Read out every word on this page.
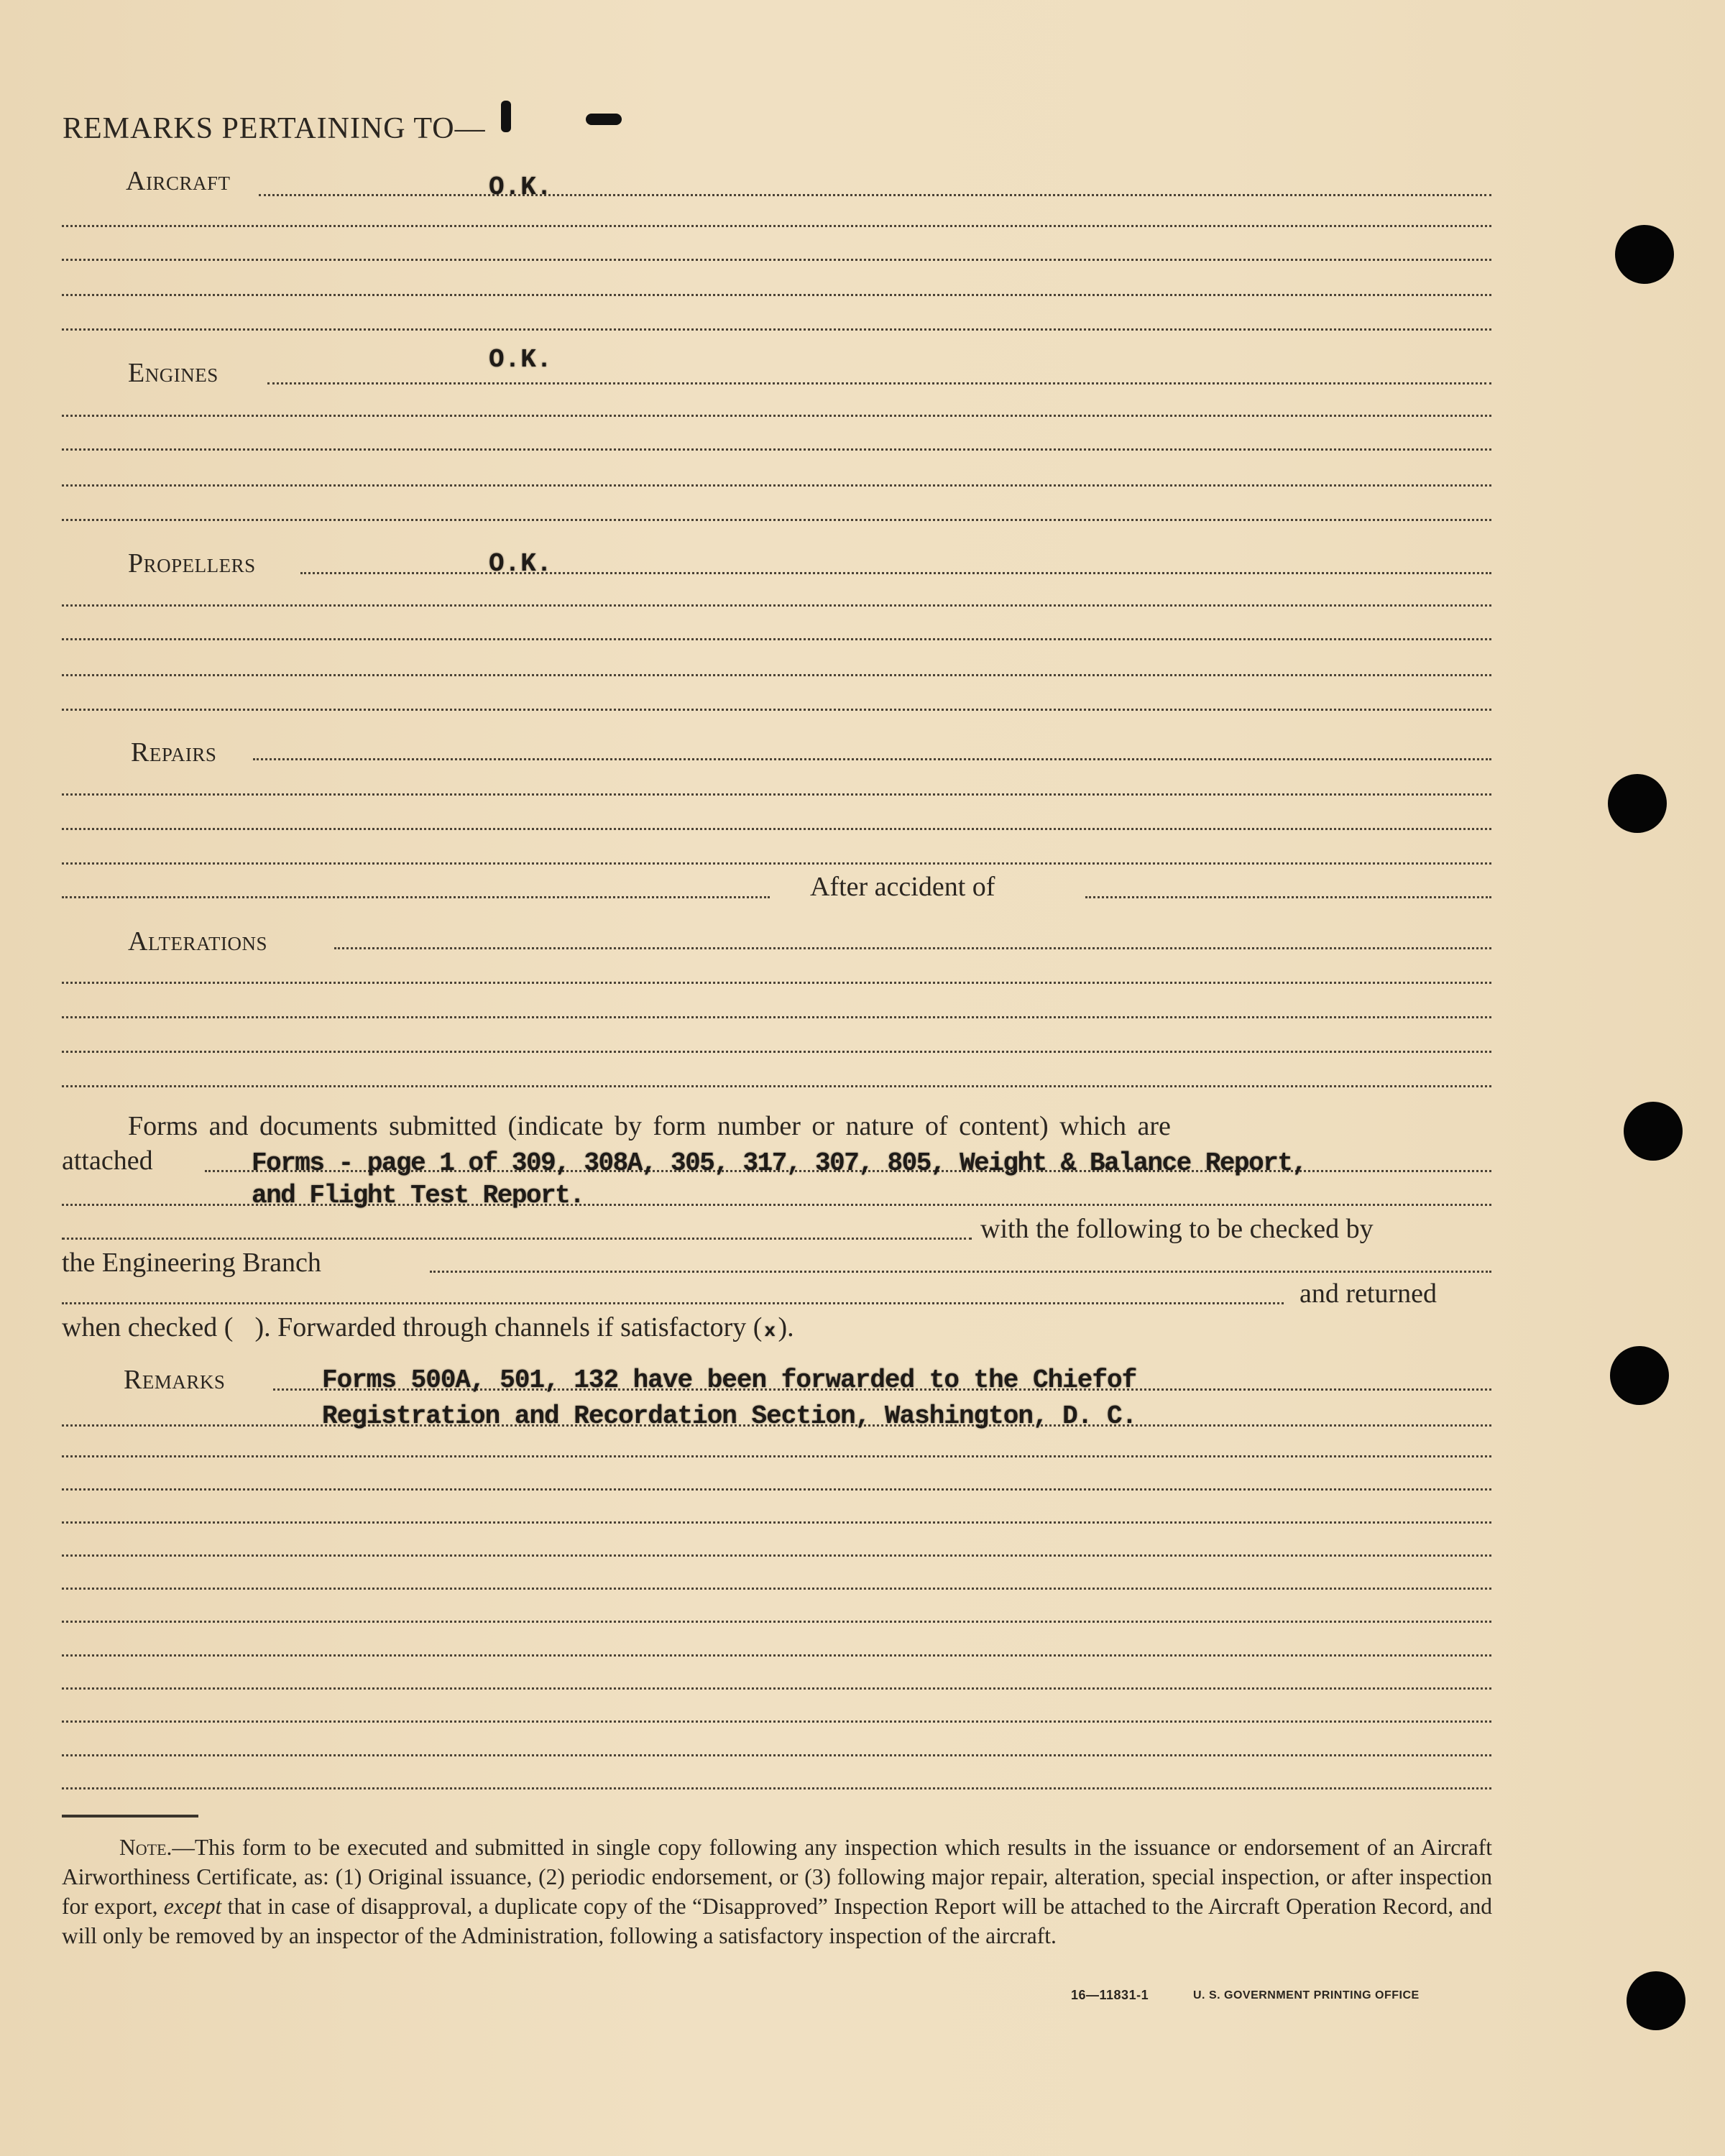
REMARKS PERTAINING TO—
Aircraft	O.K.
Engines	O.K.
Propellers	O.K.
Repairs
After accident of
Alterations
Forms and documents submitted (indicate by form number or nature of content) which are
attached	Forms - page 1 of 309, 308A, 305, 317, 307, 805, Weight & Balance Report,
and Flight Test Report.
with the following to be checked by
the Engineering Branch
and returned
when checked ( ). Forwarded through channels if satisfactory ( x).
Remarks	Forms 500A, 501, 132 have been forwarded to the Chiefof
Registration and Recordation Section, Washington, D. C.
Note.—This form to be executed and submitted in single copy following any inspection which results in the issuance or endorsement of an Aircraft Airworthiness Certificate, as: (1) Original issuance, (2) periodic endorsement, or (3) following major repair, alteration, special inspection, or after inspection for export, except that in case of disapproval, a duplicate copy of the “Disapproved” Inspection Report will be attached to the Aircraft Operation Record, and will only be removed by an inspector of the Administration, following a satisfactory inspection of the aircraft.
16—11831-1	U. S. GOVERNMENT PRINTING OFFICE
